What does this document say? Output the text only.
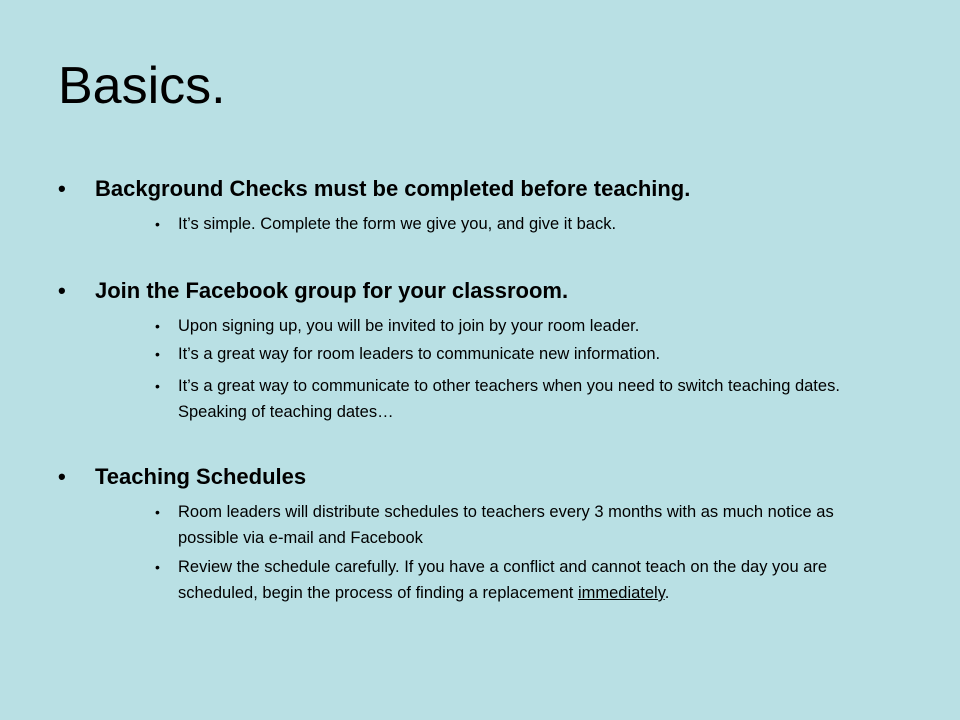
Basics.
• Background Checks must be completed before teaching.
• It’s simple. Complete the form we give you, and give it back.
• Join the Facebook group for your classroom.
• Upon signing up, you will be invited to join by your room leader.
• It’s a great way for room leaders to communicate new information.
• It’s a great way to communicate to other teachers when you need to switch teaching dates. Speaking of teaching dates…
• Teaching Schedules
• Room leaders will distribute schedules to teachers every 3 months with as much notice as possible via e-mail and Facebook
• Review the schedule carefully. If you have a conflict and cannot teach on the day you are scheduled, begin the process of finding a replacement immediately.
